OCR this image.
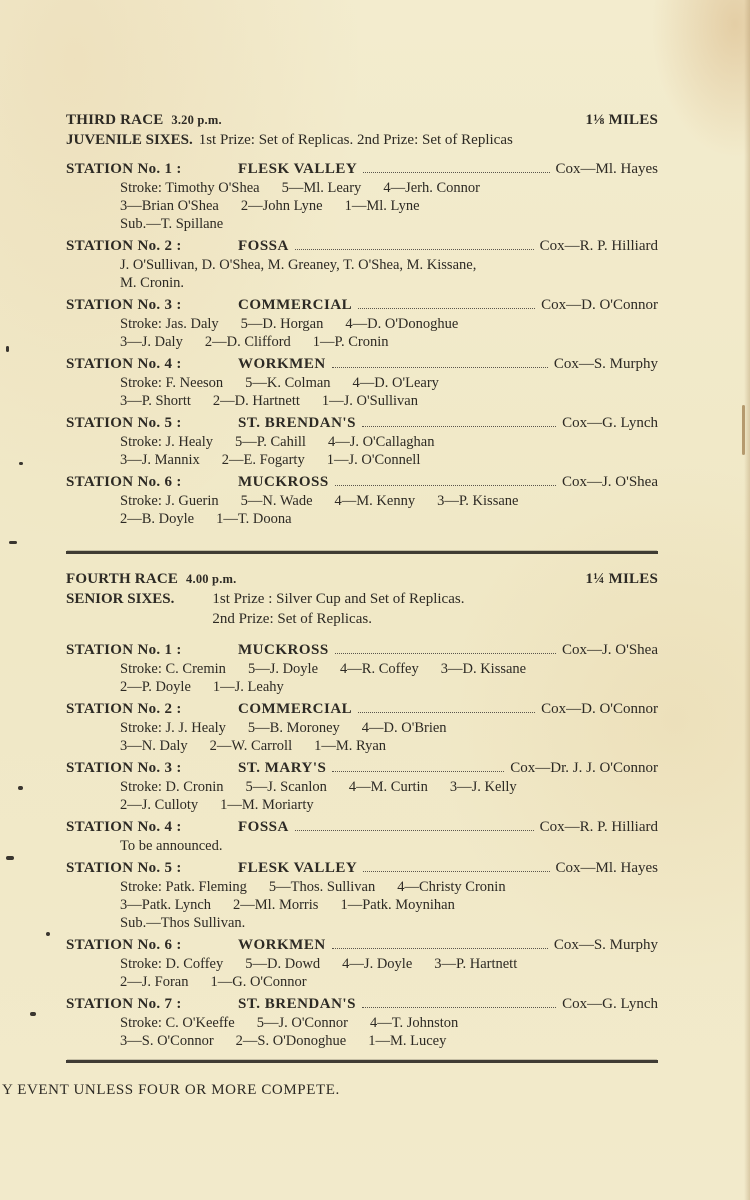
THIRD RACE 3.20 p.m.	1⅛ MILES
JUVENILE SIXES. 1st Prize: Set of Replicas. 2nd Prize: Set of Replicas
STATION No. 1 :	FLESK VALLEY	Cox—Ml. Hayes
Stroke: Timothy O'Shea 5—Ml. Leary 4—Jerh. Connor
3—Brian O'Shea 2—John Lyne 1—Ml. Lyne
Sub.—T. Spillane
STATION No. 2 :	FOSSA	Cox—R. P. Hilliard
J. O'Sullivan, D. O'Shea, M. Greaney, T. O'Shea, M. Kissane,
M. Cronin.
STATION No. 3 :	COMMERCIAL	Cox—D. O'Connor
Stroke: Jas. Daly 5—D. Horgan 4—D. O'Donoghue
3—J. Daly 2—D. Clifford 1—P. Cronin
STATION No. 4 :	WORKMEN	Cox—S. Murphy
Stroke: F. Neeson 5—K. Colman 4—D. O'Leary
3—P. Shortt 2—D. Hartnett 1—J. O'Sullivan
STATION No. 5 :	ST. BRENDAN'S	Cox—G. Lynch
Stroke: J. Healy 5—P. Cahill 4—J. O'Callaghan
3—J. Mannix 2—E. Fogarty 1—J. O'Connell
STATION No. 6 :	MUCKROSS	Cox—J. O'Shea
Stroke: J. Guerin 5—N. Wade 4—M. Kenny 3—P. Kissane
2—B. Doyle 1—T. Doona
FOURTH RACE 4.00 p.m.	1¼ MILES
SENIOR SIXES.	1st Prize : Silver Cup and Set of Replicas.
2nd Prize: Set of Replicas.
STATION No. 1 :	MUCKROSS	Cox—J. O'Shea
Stroke: C. Cremin 5—J. Doyle 4—R. Coffey 3—D. Kissane
2—P. Doyle 1—J. Leahy
STATION No. 2 :	COMMERCIAL	Cox—D. O'Connor
Stroke: J. J. Healy 5—B. Moroney 4—D. O'Brien
3—N. Daly 2—W. Carroll 1—M. Ryan
STATION No. 3 :	ST. MARY'S	Cox—Dr. J. J. O'Connor
Stroke: D. Cronin 5—J. Scanlon 4—M. Curtin 3—J. Kelly
2—J. Culloty 1—M. Moriarty
STATION No. 4 :	FOSSA	Cox—R. P. Hilliard
To be announced.
STATION No. 5 :	FLESK VALLEY	Cox—Ml. Hayes
Stroke: Patk. Fleming 5—Thos. Sullivan 4—Christy Cronin
3—Patk. Lynch 2—Ml. Morris 1—Patk. Moynihan
Sub.—Thos Sullivan.
STATION No. 6 :	WORKMEN	Cox—S. Murphy
Stroke: D. Coffey 5—D. Dowd 4—J. Doyle 3—P. Hartnett
2—J. Foran 1—G. O'Connor
STATION No. 7 :	ST. BRENDAN'S	Cox—G. Lynch
Stroke: C. O'Keeffe 5—J. O'Connor 4—T. Johnston
3—S. O'Connor 2—S. O'Donoghue 1—M. Lucey
Y EVENT UNLESS FOUR OR MORE COMPETE.
